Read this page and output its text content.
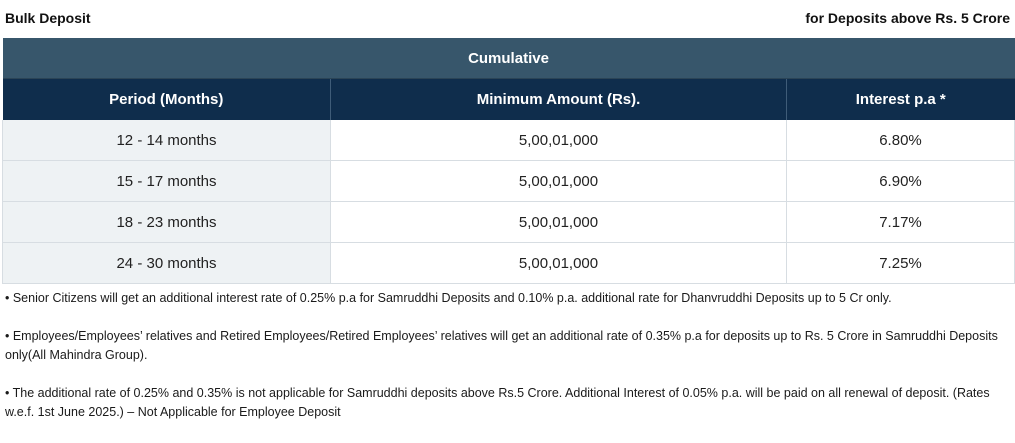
Bulk Deposit	for Deposits above Rs. 5 Crore
Cumulative		
Period (Months)	Minimum Amount (Rs).	Interest p.a *
12 - 14 months	5,00,01,000	6.80%
15 - 17 months	5,00,01,000	6.90%
18 - 23 months	5,00,01,000	7.17%
24 - 30 months	5,00,01,000	7.25%

• Senior Citizens will get an additional interest rate of 0.25% p.a for Samruddhi Deposits and 0.10% p.a. additional rate for Dhanvruddhi Deposits up to 5 Cr only.

• Employees/Employees’ relatives and Retired Employees/Retired Employees’ relatives will get an additional rate of 0.35% p.a for deposits up to Rs. 5 Crore in Samruddhi Deposits only(All Mahindra Group).

• The additional rate of 0.25% and 0.35% is not applicable for Samruddhi deposits above Rs.5 Crore. Additional Interest of 0.05% p.a. will be paid on all renewal of deposit. (Rates w.e.f. 1st June 2025.) – Not Applicable for Employee Deposit
